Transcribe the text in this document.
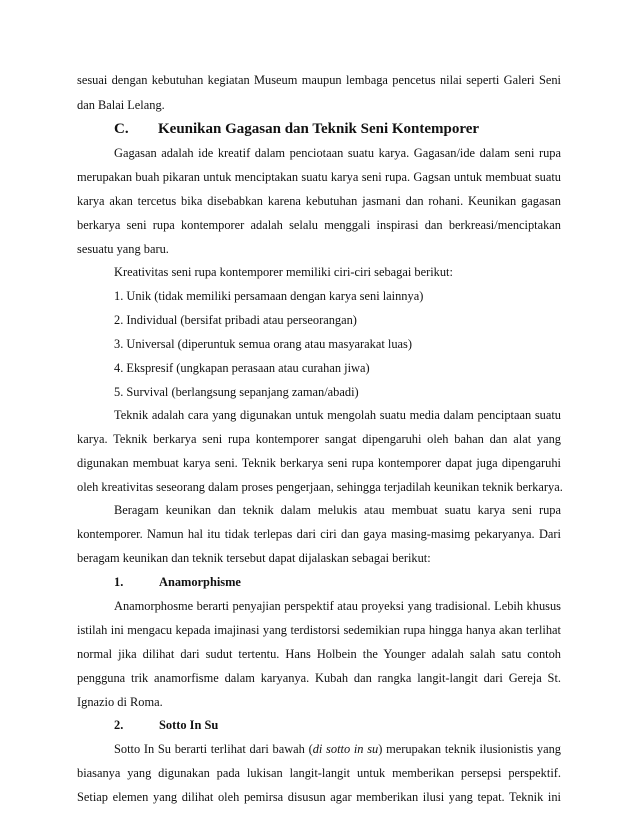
sesuai dengan kebutuhan kegiatan Museum maupun lembaga pencetus nilai seperti Galeri Seni
dan Balai Lelang.
C. Keunikan Gagasan dan Teknik Seni Kontemporer
Gagasan adalah ide kreatif dalam penciotaan suatu karya. Gagasan/ide dalam seni rupa
merupakan buah pikaran untuk menciptakan suatu karya seni rupa. Gagsan untuk membuat suatu
karya akan tercetus bika disebabkan karena kebutuhan jasmani dan rohani. Keunikan gagasan
berkarya seni rupa kontemporer adalah selalu menggali inspirasi dan berkreasi/menciptakan
sesuatu yang baru.
Kreativitas seni rupa kontemporer memiliki ciri-ciri sebagai berikut:
1. Unik (tidak memiliki persamaan dengan karya seni lainnya)
2. Individual (bersifat pribadi atau perseorangan)
3. Universal (diperuntuk semua orang atau masyarakat luas)
4. Ekspresif (ungkapan perasaan atau curahan jiwa)
5. Survival (berlangsung sepanjang zaman/abadi)
Teknik adalah cara yang digunakan untuk mengolah suatu media dalam penciptaan suatu
karya. Teknik berkarya seni rupa kontemporer sangat dipengaruhi oleh bahan dan alat yang
digunakan membuat karya seni. Teknik berkarya seni rupa kontemporer dapat juga dipengaruhi
oleh kreativitas seseorang dalam proses pengerjaan, sehingga terjadilah keunikan teknik berkarya.
Beragam keunikan dan teknik dalam melukis atau membuat suatu karya seni rupa
kontemporer. Namun hal itu tidak terlepas dari ciri dan gaya masing-masimg pekaryanya. Dari
beragam keunikan dan teknik tersebut dapat dijalaskan sebagai berikut:
1.	Anamorphisme
Anamorphosme berarti penyajian perspektif atau proyeksi yang tradisional. Lebih khusus
istilah ini mengacu kepada imajinasi yang terdistorsi sedemikian rupa hingga hanya akan terlihat
normal jika dilihat dari sudut tertentu. Hans Holbein the Younger adalah salah satu contoh
pengguna trik anamorfisme dalam karyanya. Kubah dan rangka langit-langit dari Gereja St.
Ignazio di Roma.
2.	Sotto In Su
Sotto In Su berarti terlihat dari bawah (di sotto in su) merupakan teknik ilusionistis yang
biasanya yang digunakan pada lukisan langit-langit untuk memberikan persepsi perspektif.
Setiap elemen yang dilihat oleh pemirsa disusun agar memberikan ilusi yang tepat. Teknik ini
